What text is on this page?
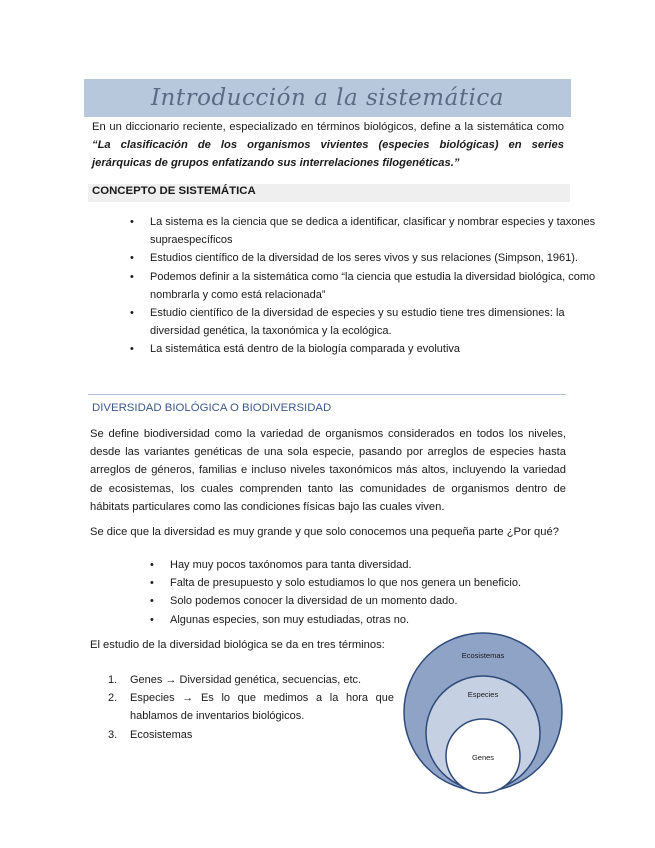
Introducción a la sistemática
En un diccionario reciente, especializado en términos biológicos, define a la sistemática como “La clasificación de los organismos vivientes (especies biológicas) en series jerárquicas de grupos enfatizando sus interrelaciones filogenéticas.”
CONCEPTO DE SISTEMÁTICA
• La sistema es la ciencia que se dedica a identificar, clasificar y nombrar especies y taxones supraespecíficos
• Estudios científico de la diversidad de los seres vivos y sus relaciones (Simpson, 1961).
• Podemos definir a la sistemática como “la ciencia que estudia la diversidad biológica, como nombrarla y como está relacionada”
• Estudio científico de la diversidad de especies y su estudio tiene tres dimensiones: la diversidad genética, la taxonómica y la ecológica.
• La sistemática está dentro de la biología comparada y evolutiva
DIVERSIDAD BIOLÓGICA O BIODIVERSIDAD
Se define biodiversidad como la variedad de organismos considerados en todos los niveles, desde las variantes genéticas de una sola especie, pasando por arreglos de especies hasta arreglos de géneros, familias e incluso niveles taxonómicos más altos, incluyendo la variedad de ecosistemas, los cuales comprenden tanto las comunidades de organismos dentro de hábitats particulares como las condiciones físicas bajo las cuales viven.
Se dice que la diversidad es muy grande y que solo conocemos una pequeña parte ¿Por qué?
• Hay muy pocos taxónomos para tanta diversidad.
• Falta de presupuesto y solo estudiamos lo que nos genera un beneficio.
• Solo podemos conocer la diversidad de un momento dado.
• Algunas especies, son muy estudiadas, otras no.
El estudio de la diversidad biológica se da en tres términos:
1. Genes → Diversidad genética, secuencias, etc.
2. Especies → Es lo que medimos a la hora que hablamos de inventarios biológicos.
3. Ecosistemas
Ecosistemas
Especies
Genes
